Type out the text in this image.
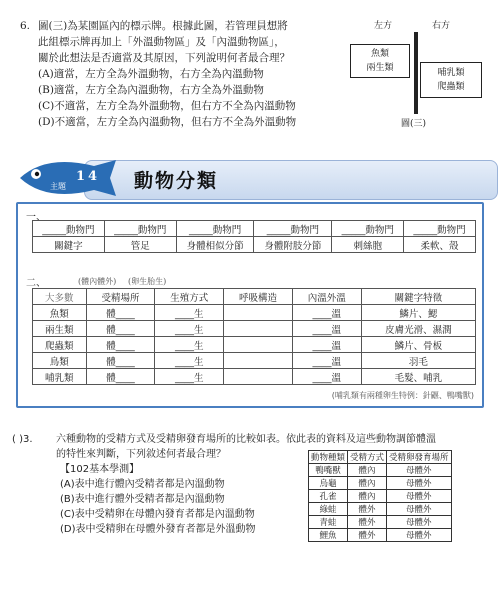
6. 圖(三)為某園區內的標示牌。根據此圖，若管理員想將
此組標示牌再加上「外溫動物區」及「內溫動物區」，
關於此想法是否適當及其原因，下列說明何者最合理？
(A)適當，左方全為外溫動物，右方全為內溫動物
(B)適當，左方全為內溫動物，右方全為外溫動物
(C)不適當，左方全為外溫動物，但右方不全為內溫動物
(D)不適當，左方全為內溫動物，但右方不全為外溫動物
左方	右方
魚類
兩生類	哺乳類
爬蟲類
圖(三)
主題
14 動物分類
一、
_____動物門	_____動物門	_____動物門	_____動物門	_____動物門	_____動物門
關鍵字	管足	身體相似分節	身體附肢分節	刺絲胞	柔軟、殼
二、	(體內體外) (卵生胎生)
大多數	受精場所	生殖方式	呼吸構造	內溫外溫	關鍵字特徵
魚類	體____	____生		____溫	鱗片、鰓
兩生類	體____	____生		____溫	皮膚光滑、濕潤
爬蟲類	體____	____生		____溫	鱗片、骨板
鳥類	體____	____生		____溫	羽毛
哺乳類	體____	____生		____溫	毛髮、哺乳
(哺乳類有兩種卵生特例：針鼴、鴨嘴獸)
( )3. 六種動物的受精方式及受精卵發育場所的比較如表。依此表的資料及這些動物調節體溫
的特性來判斷，下列敘述何者最合理？
【102基本學測】
(A)表中進行體內受精者都是內溫動物
(B)表中進行體外受精者都是內溫動物
(C)表中受精卵在母體內發育者都是內溫動物
(D)表中受精卵在母體外發育者都是外溫動物
動物種類	受精方式	受精卵發育場所
鴨嘴獸	體內	母體外
烏龜	體內	母體外
孔雀	體內	母體外
綠蛙	體外	母體外
青蛙	體外	母體外
鯉魚	體外	母體外
